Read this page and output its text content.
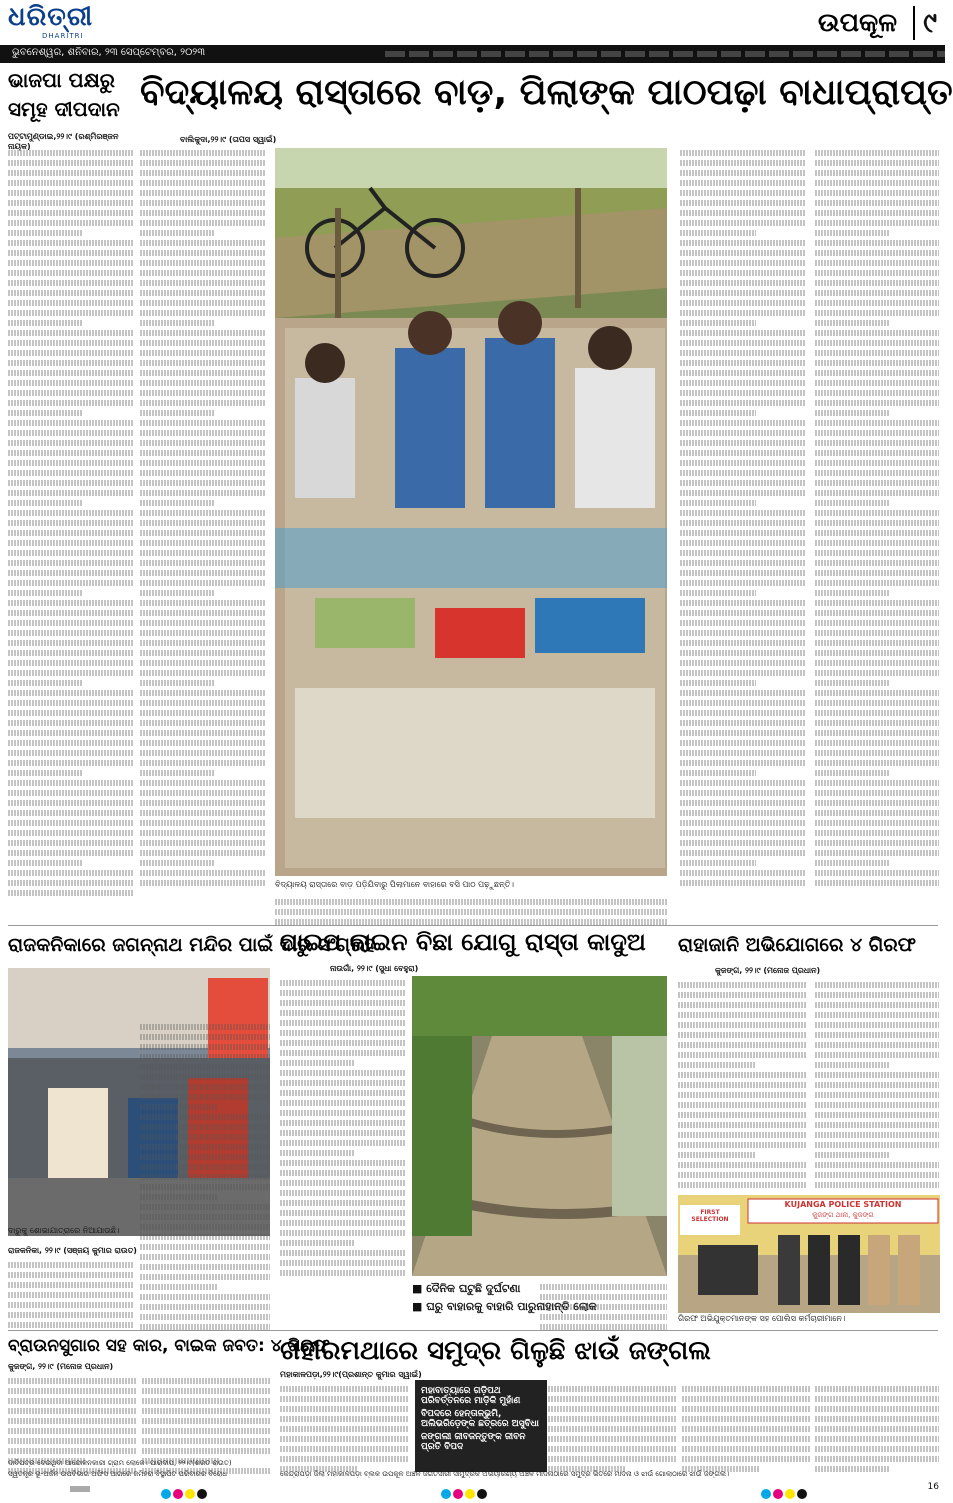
ଧରିତ୍ରୀ
DHARITRI	ଉପକୂଳ ୯
ଭୁବନେଶ୍ୱର, ଶନିବାର, ୨୩ ସେପ୍ଟେମ୍ବର, ୨୦୨୩
ଭାଜପା ପକ୍ଷରୁ
ସମୂହ ଦୀପଦାନ
ପଟ୍ଟାମୁଣ୍ଡାଇ,୨୨।୯ (ରଶ୍ମିରଞ୍ଜନ ନାୟକ)
ବିଦ୍ୟାଳୟ ରାସ୍ତାରେ ବାଡ଼, ପିଲାଙ୍କ ପାଠପଢ଼ା ବାଧାପ୍ରାପ୍ତ
ବାଲିକୁଦା,୨୨।୯ (ତାପସ ସ୍ୱାଇଁ)
ବିଦ୍ୟାଳୟ ରାସ୍ତାରେ ବାଡ଼ ପଡ଼ିଯିବାରୁ ପିଲାମାନେ ବାହାରେ ବସି ପାଠ ପଢ଼ୁଛନ୍ତି।
ରାଜକନିକାରେ ଜଗନ୍ନାଥ ମନ୍ଦିର ପାଇଁ ଦାରୁ ସଂଗ୍ରହ
ଦାରୁକୁ ଶୋଭାଯାତ୍ରାରେ ନିଆଯାଉଛି।
ରାଜକନିକା, ୨୨।୯ (ସଞ୍ଜୟ କୁମାର ରାଉତ)
ପାଇପ ଲାଇନ ବିଛା ଯୋଗୁ ରାସ୍ତା କାଦୁଅ
ନାଉଗାଁ, ୨୨।୯ (ସୁଧା ବେହୁରା)
■ ଦୈନିକ ଘଟୁଛି ଦୁର୍ଘଟଣା
■ ଘରୁ ବାହାରକୁ ବାହାରି ପାରୁନାହାନ୍ତି ଲୋକ
ରାହାଜାନି ଅଭିଯୋଗରେ ୪ ଗିରଫ
କୁଜଙ୍ଗ, ୨୨।୯ (ମନୋଜ ପ୍ରଧାନ)
KUJANGA POLICE STATION
କୁଜଙ୍ଗ ଥାନା, କୁଜଙ୍ଗ
FIRST SELECTION
ଗିରଫ ଅଭିଯୁକ୍ତମାନଙ୍କ ସହ ପୋଲିସ କର୍ମଚାରୀମାନେ।
ବ୍ରାଉନସୁଗାର ସହ କାର, ବାଇକ ଜବତ: ୪ ଗିରଫ
କୁଜଙ୍ଗ, ୨୨।୯ (ମନୋଜ ପ୍ରଧାନ)
ଗହୀରମଥାରେ ସମୁଦ୍ର ଗିଳୁଛି ଝାଉଁ ଜଙ୍ଗଲ
ମହାକାଳପଡ଼ା,୨୨।୯(ପ୍ରଶାନ୍ତ କୁମାର ସ୍ୱାଇଁ)
ମହାବାତ୍ୟାରେ ଗଡ଼ିପଥ ପରିବର୍ତ୍ତନରେ ମାଡ଼ିକି ମୁହାଁଣ
ବିପଦରେ ହେନ୍ତାଳ୍ଭୁମି, ଅଲିଭରିଡ଼େଙ୍କ ଛତ୍ରରେ ଅସୁବିଧା
ଜଙ୍ଗଲୀ ଜୀବଜନ୍ତୁଙ୍କ ଜୀବନ ପ୍ରତି ବିପଦ
କେନ୍ଦ୍ରାପଡ଼ା ଜିଲା ମହାକାଳପଡ଼ା ବ୍ଲକ ଉପକୂଳ ଅଞ୍ଚଳ ଜଗତସାରୀ ସାମୁଦ୍ରିକ ଅଭୟାରଣ୍ୟ ଅଞ୍ଚଳ ମାଦନାଠାରେ ସମୁଦ୍ର ଭିତରେ ମାଦନା ଓ ଝାଉଁ ଗୋଲାଠାରେ ଝାଉଁ ଜଙ୍ଗଲ।
ସ୍ୱତନ୍ତ୍ର ଭୂ-ଅର୍ଜନ ଉପବିଭାଗ ଅଫିସ ଆଗରେ ଜମିହରା ବିସ୍ଥାପିତ ପରିବାରର ବିରୋଧ
ଦାବିପତ୍ର ଦେଉଥିବା ଆନ୍ଦୋଳନକାରୀ ଗ୍ରାମ ଲୋକେ। ପାରାଦୀପ, ୨୨।୯(ଶରତ ରାଉତ)
16
